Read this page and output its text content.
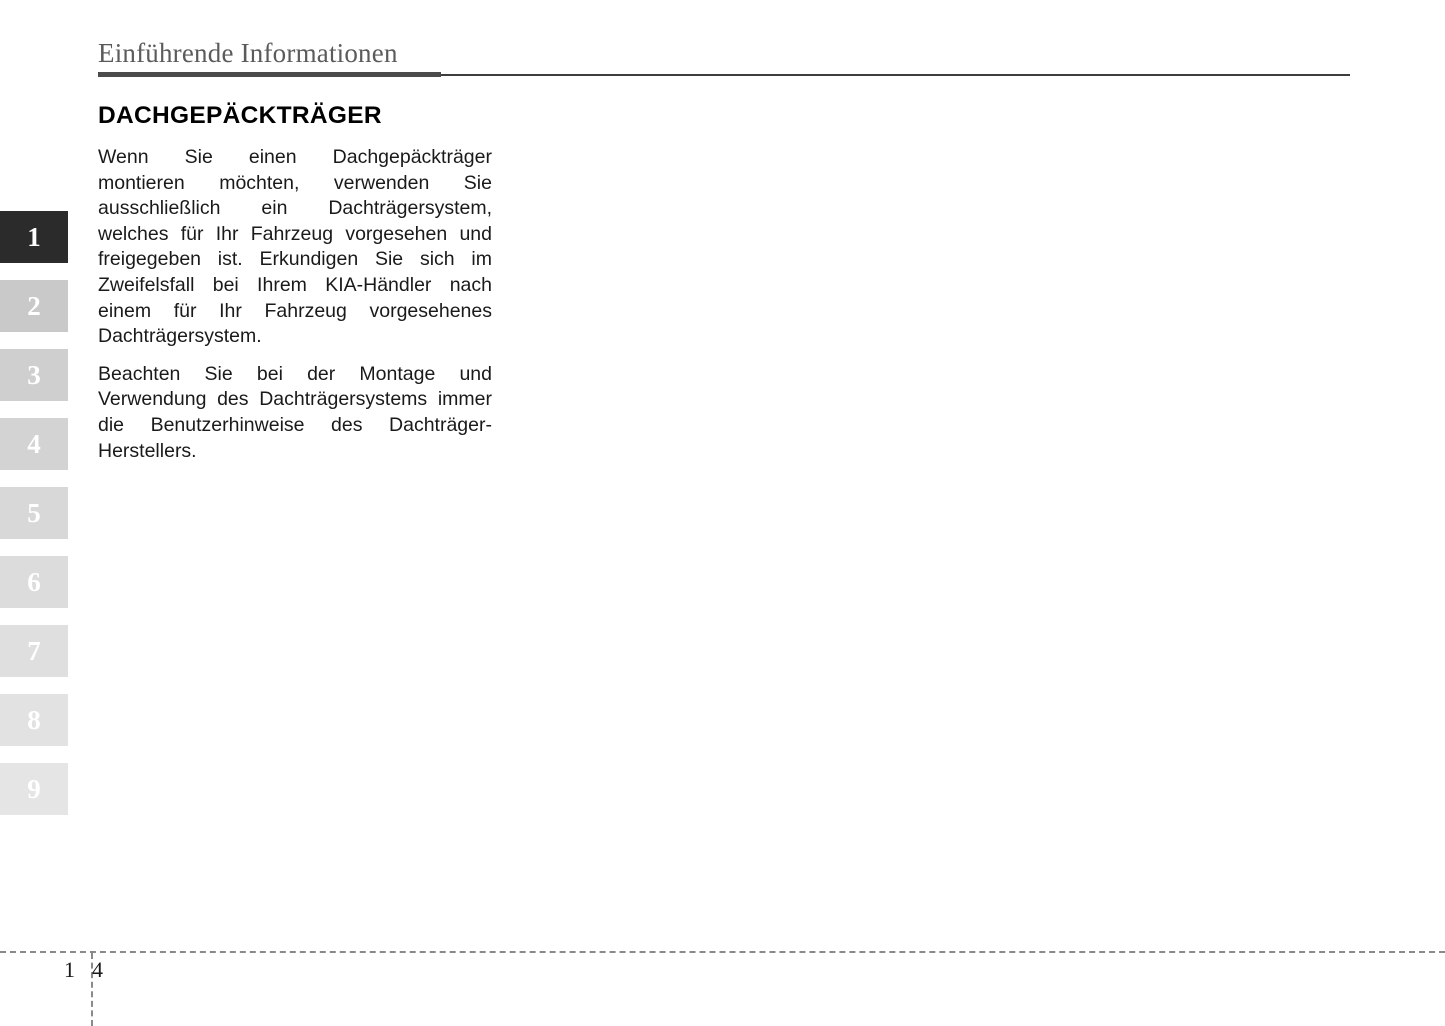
Einführende Informationen
1
2
3
4
5
6
7
8
9
DACHGEPÄCKTRÄGER

Wenn Sie einen Dachgepäckträger montieren möchten, verwenden Sie ausschließlich ein Dachträgersystem, welches für Ihr Fahrzeug vorgesehen und freigegeben ist. Erkundigen Sie sich im Zweifelsfall bei Ihrem KIA-Händler nach einem für Ihr Fahrzeug vorgesehenes Dachträgersystem.

Beachten Sie bei der Montage und Verwendung des Dachträgersystems immer die Benutzerhinweise des Dachträger-Herstellers.

1 4
